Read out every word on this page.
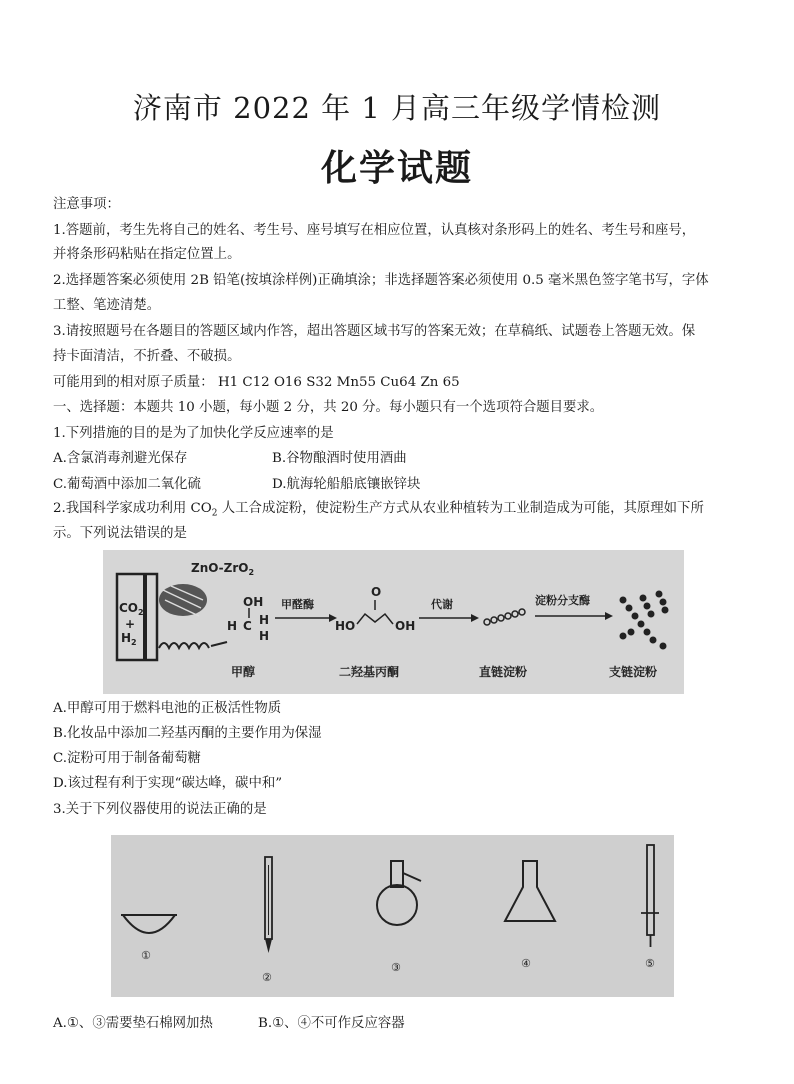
济南市 2022 年 1 月高三年级学情检测
化学试题
注意事项：
1.答题前，考生先将自己的姓名、考生号、座号填写在相应位置，认真核对条形码上的姓名、考生号和座号，
并将条形码粘贴在指定位置上。
2.选择题答案必须使用 2B 铅笔(按填涂样例)正确填涂；非选择题答案必须使用 0.5 毫米黑色签字笔书写，字体
工整、笔迹清楚。
3.请按照题号在各题目的答题区域内作答，超出答题区域书写的答案无效；在草稿纸、试题卷上答题无效。保
持卡面清洁，不折叠、不破损。
可能用到的相对原子质量： H1 C12 O16 S32 Mn55 Cu64 Zn 65
一、选择题：本题共 10 小题，每小题 2 分，共 20 分。每小题只有一个选项符合题目要求。
1.下列措施的目的是为了加快化学反应速率的是
A.含氯消毒剂避光保存	B.谷物酿酒时使用酒曲
C.葡萄酒中添加二氧化硫	D.航海轮船船底镶嵌锌块
2.我国科学家成功利用 $CO_2$ 人工合成淀粉，使淀粉生产方式从农业种植转为工业制造成为可能，其原理如下所
示。下列说法错误的是
$CO_2$
+
$H_2$
ZnO-ZrO$_2$
OH
H C H
H
甲醛酶
O
HO	OH
代谢	淀粉分支酶
甲醇	二羟基丙酮	直链淀粉	支链淀粉
A.甲醇可用于燃料电池的正极活性物质
B.化妆品中添加二羟基丙酮的主要作用为保湿
C.淀粉可用于制备葡萄糖
D.该过程有利于实现“碳达峰，碳中和”
3.关于下列仪器使用的说法正确的是
①
②
③	④	⑤
A.①、③需要垫石棉网加热	B.①、④不可作反应容器
